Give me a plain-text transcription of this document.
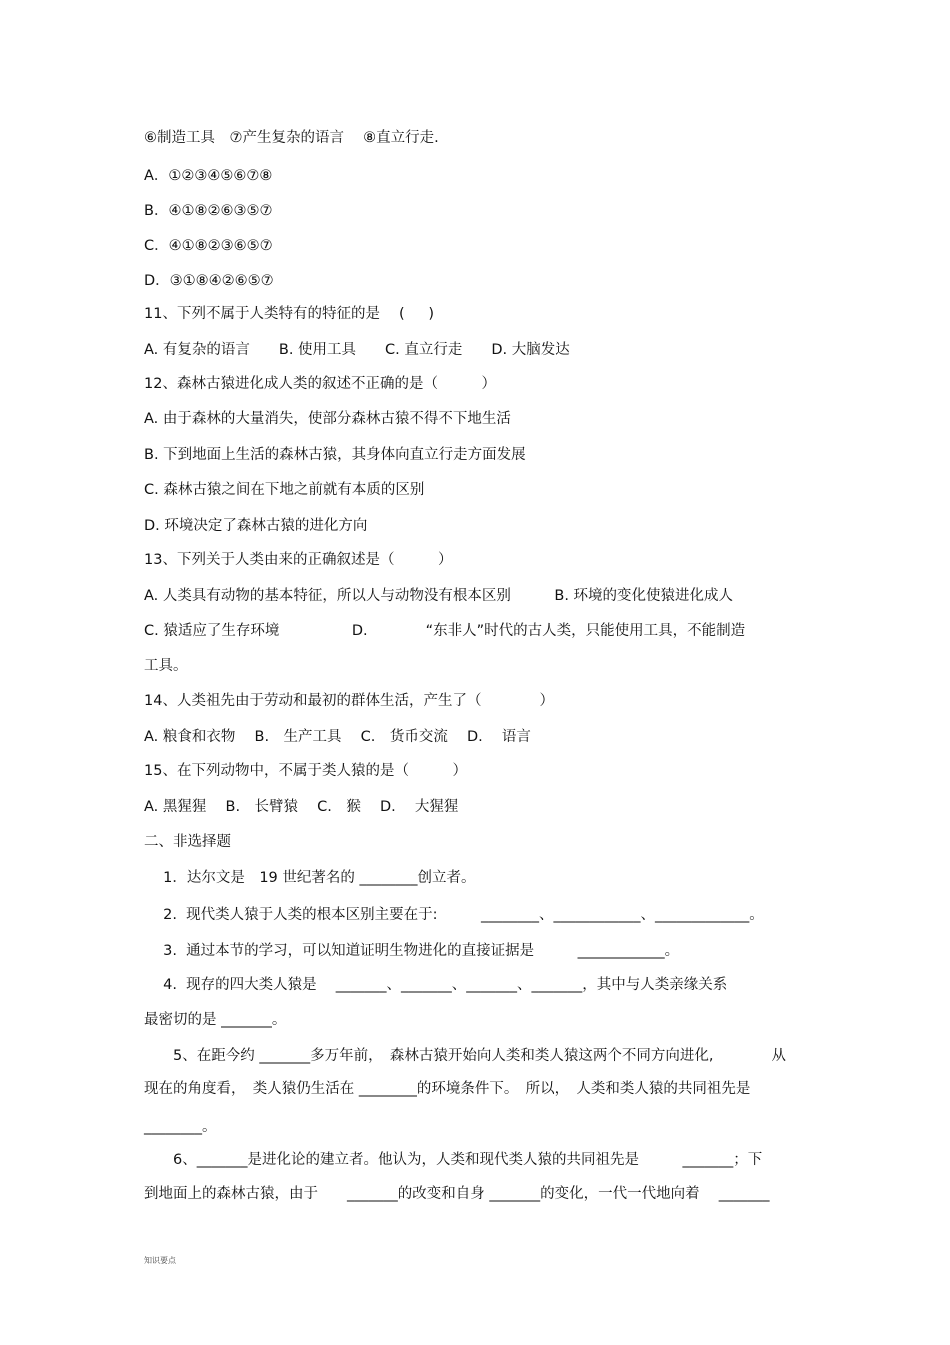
⑥制造工具　⑦产生复杂的语言　 ⑧直立行走.
A．①②③④⑤⑥⑦⑧
B．④①⑧②⑥③⑤⑦
C．④①⑧②③⑥⑤⑦
D．③①⑧④②⑥⑤⑦
11、下列不属于人类特有的特征的是 　( 　 )
A. 有复杂的语言　　B. 使用工具　　C. 直立行走　　D. 大脑发达
12、森林古猿进化成人类的叙述不正确的是（　　　）
A. 由于森林的大量消失，使部分森林古猿不得不下地生活
B. 下到地面上生活的森林古猿，其身体向直立行走方面发展
C. 森林古猿之间在下地之前就有本质的区别
D. 环境决定了森林古猿的进化方向
13、下列关于人类由来的正确叙述是（　　　）
A. 人类具有动物的基本特征，所以人与动物没有根本区别　　　B. 环境的变化使猿进化成人
C. 猿适应了生存环境　　　　　D.　　　　“东非人”时代的古人类，只能使用工具，不能制造
工具。
14、人类祖先由于劳动和最初的群体生活，产生了（　　　　）
A. 粮食和衣物　 B.　生产工具　 C.　货币交流　 D.　 语言
15、在下列动物中，不属于类人猿的是（　　　）
A. 黑猩猩　 B.　长臂猿　 C.　猴　 D.　 大猩猩
二、非选择题
　 1．达尔文是　19 世纪著名的 ________创立者。
　 2.  现代类人猿于人类的根本区别主要在于:　　　________、____________、_____________。
　 3.  通过本节的学习，可以知道证明生物进化的直接证据是　　　____________。
　 4.  现存的四大类人猿是　 _______、_______、_______、_______，其中与人类亲缘关系
最密切的是 _______。
　　5、在距今约 _______多万年前，　森林古猿开始向人类和类人猿这两个不同方向进化,　　　　从
现在的角度看，　类人猿仍生活在 ________的环境条件下。　所以，　人类和类人猿的共同祖先是
________。
　　6、_______是进化论的建立者。他认为，人类和现代类人猿的共同祖先是　　　_______；下
到地面上的森林古猿，由于　　_______的改变和自身 _______的变化，一代一代地向着　 _______
知识要点
